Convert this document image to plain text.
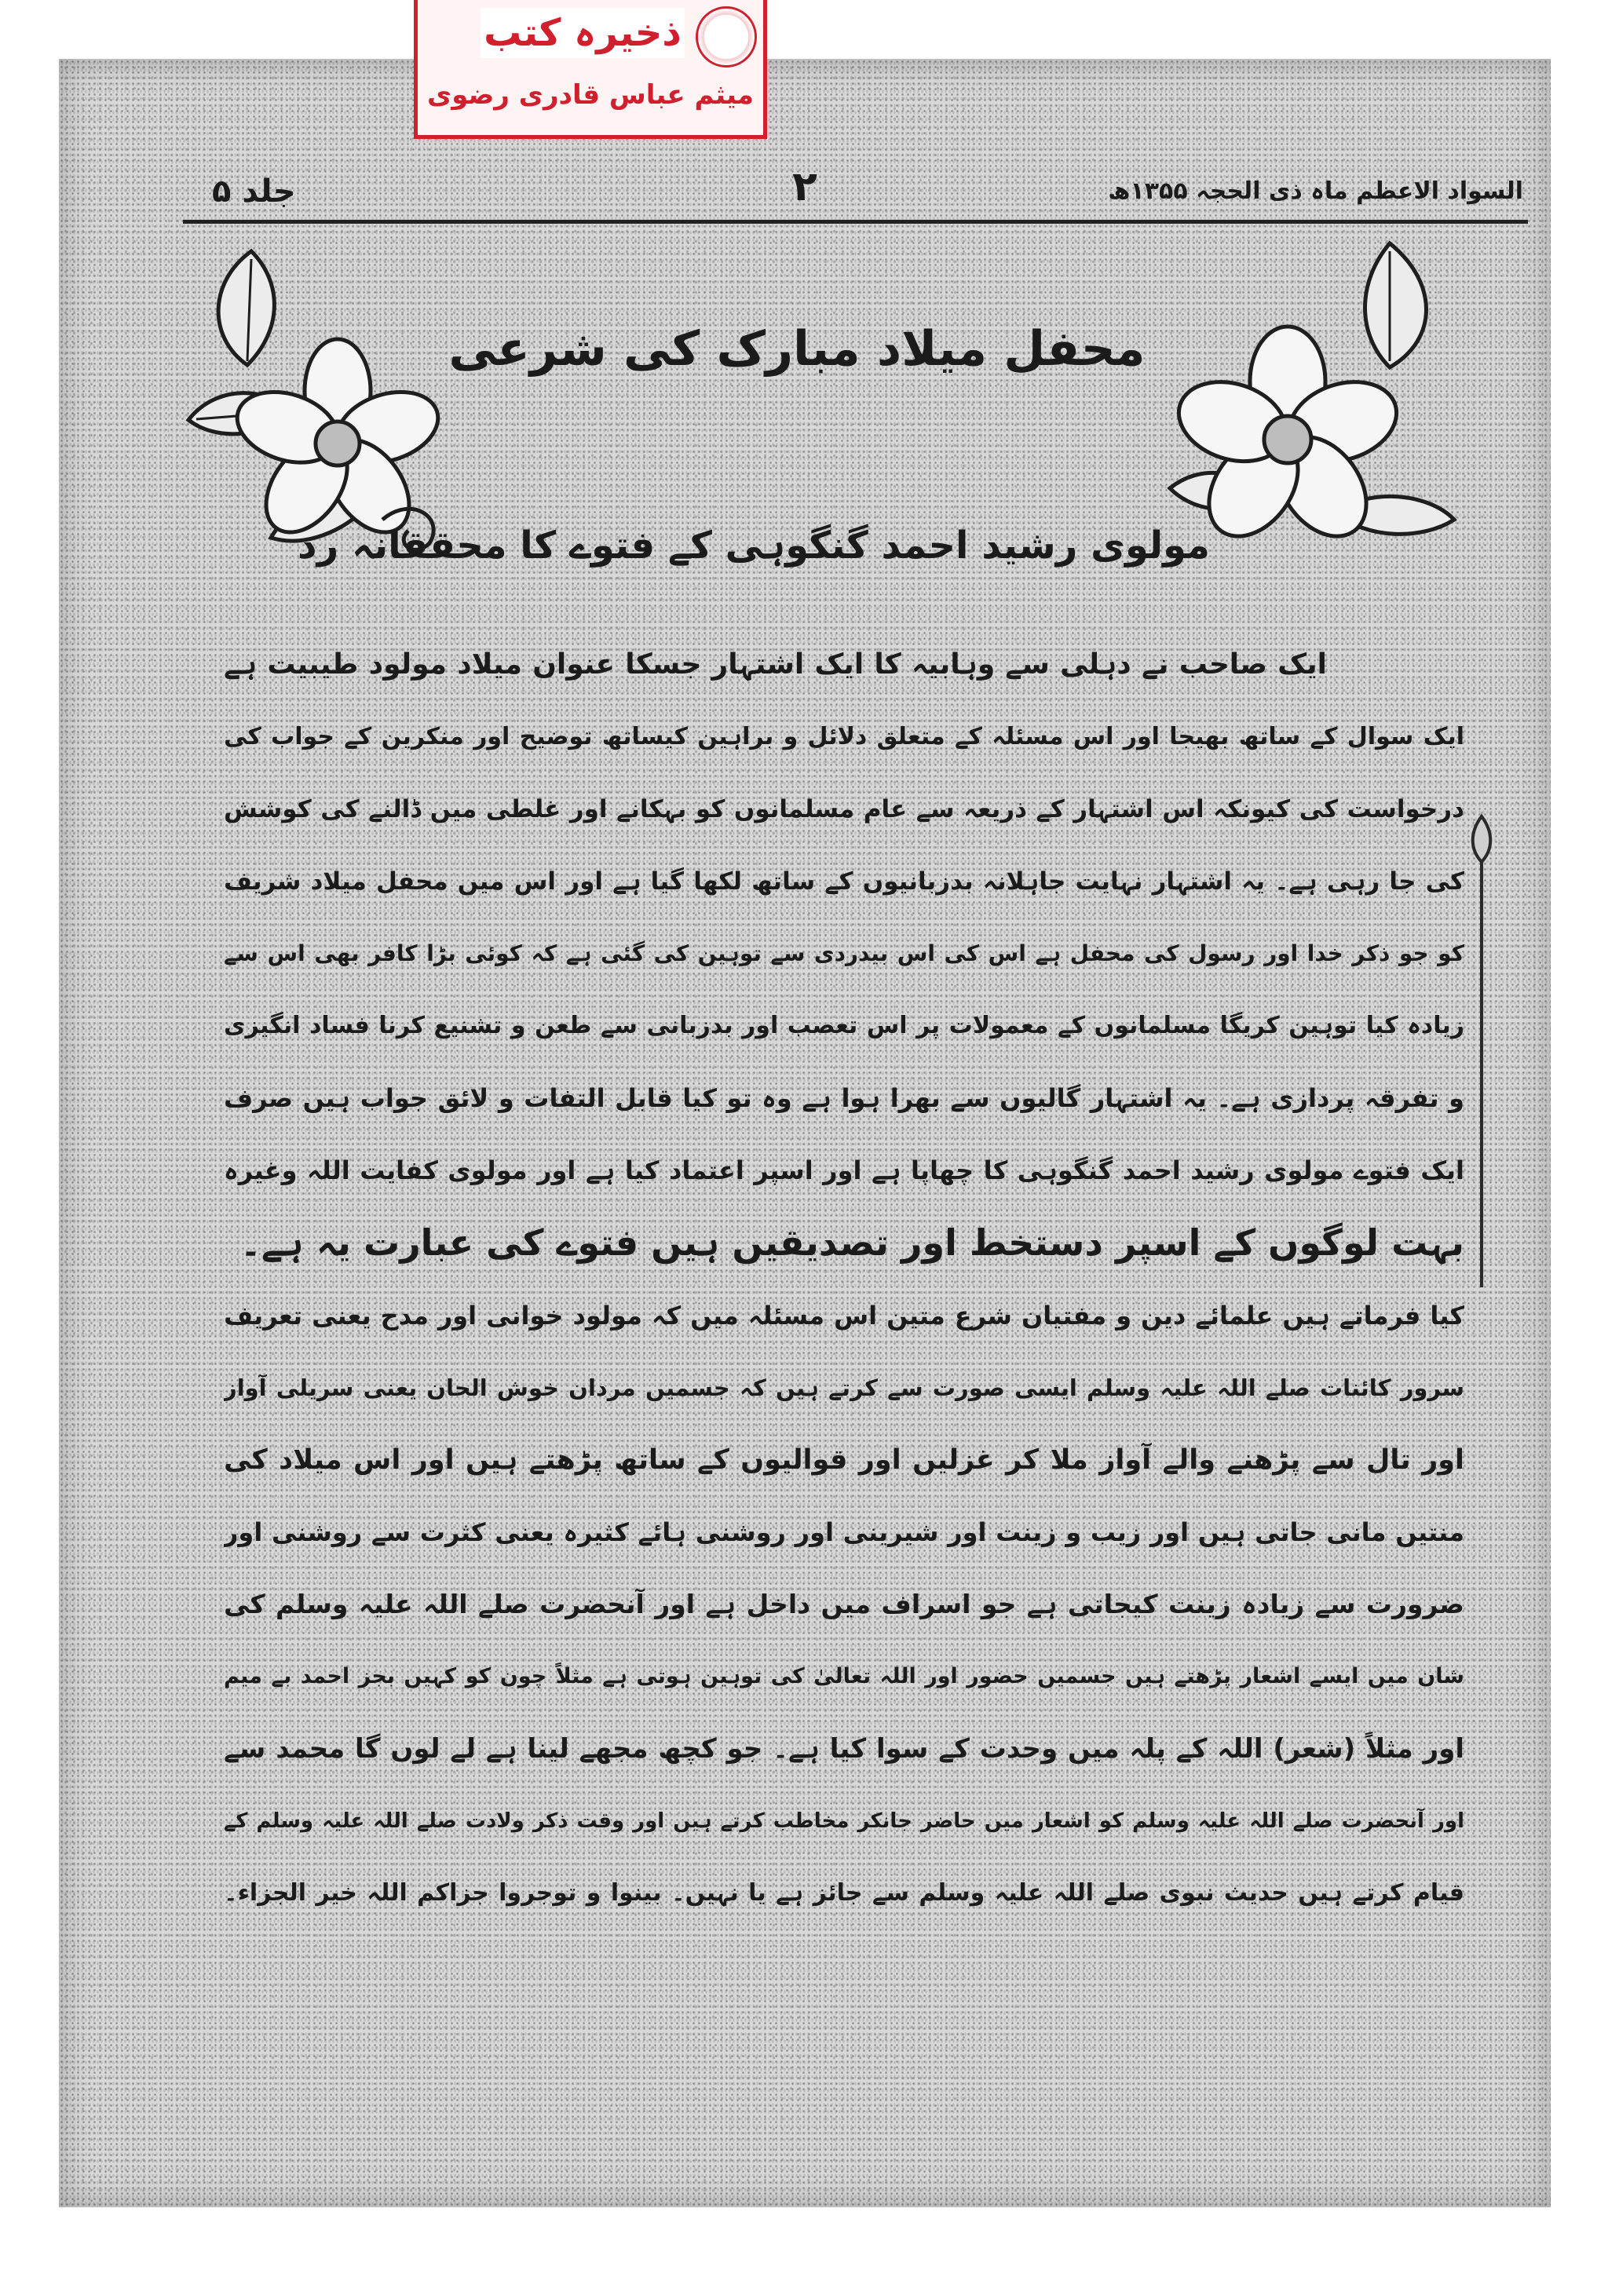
ذخیرہ کتب
میثم عباس قادری رضوی
السواد الاعظم ماہ ذی الحجہ ۱۳۵۵ھ
۲
جلد ۵
محفل میلاد مبارک کی شرعی
مولوی رشید احمد گنگوہی کے فتوے کا محققانہ رد
ایک صاحب نے دہلی سے وہابیہ کا ایک اشتہار جسکا عنوان میلاد مولود طیبیت ہے
ایک سوال کے ساتھ بھیجا اور اس مسئلہ کے متعلق دلائل و براہین کیساتھ توضیح اور منکرین کے جواب کی
درخواست کی کیونکہ اس اشتہار کے ذریعہ سے عام مسلمانوں کو بہکانے اور غلطی میں ڈالنے کی کوشش
کی جا رہی ہے۔ یہ اشتہار نہایت جاہلانہ بدزبانیوں کے ساتھ لکھا گیا ہے اور اس میں محفل میلاد شریف
کو جو ذکر خدا اور رسول کی محفل ہے اس کی اس بیدردی سے توہین کی گئی ہے کہ کوئی بڑا کافر بھی اس سے
زیادہ کیا توہین کریگا مسلمانوں کے معمولات پر اس تعصب اور بدزبانی سے طعن و تشنیع کرنا فساد انگیزی
و تفرقہ پردازی ہے۔ یہ اشتہار گالیوں سے بھرا ہوا ہے وہ تو کیا قابل التفات و لائق جواب ہیں صرف
ایک فتوے مولوی رشید احمد گنگوہی کا چھاپا ہے اور اسپر اعتماد کیا ہے اور مولوی کفایت اللہ وغیرہ
بہت لوگوں کے اسپر دستخط اور تصدیقیں ہیں فتوے کی عبارت یہ ہے۔
کیا فرماتے ہیں علمائے دین و مفتیان شرع متین اس مسئلہ میں کہ مولود خوانی اور مدح یعنی تعریف
سرور کائنات صلے اللہ علیہ وسلم ایسی صورت سے کرتے ہیں کہ جسمیں مردان خوش الحان یعنی سریلی آواز
اور تال سے پڑھنے والے آواز ملا کر غزلیں اور قوالیوں کے ساتھ پڑھتے ہیں اور اس میلاد کی
منتیں مانی جاتی ہیں اور زیب و زینت اور شیرینی اور روشنی ہائے کثیرہ یعنی کثرت سے روشنی اور
ضرورت سے زیادہ زینت کیجاتی ہے جو اسراف میں داخل ہے اور آنحضرت صلے اللہ علیہ وسلم کی
شان میں ایسے اشعار پڑھتے ہیں جسمیں حضور اور اللہ تعالیٰ کی توہین ہوتی ہے مثلاً چون کو کہیں بجز احمد بے میم
اور مثلاً (شعر) اللہ کے پلہ میں وحدت کے سوا کیا ہے۔ جو کچھ مجھے لینا ہے لے لوں گا محمد سے
اور آنحضرت صلے اللہ علیہ وسلم کو اشعار میں حاضر جانکر مخاطب کرتے ہیں اور وقت ذکر ولادت صلے اللہ علیہ وسلم کے
قیام کرتے ہیں حدیث نبوی صلے اللہ علیہ وسلم سے جائز ہے یا نہیں۔ بینوا و توجروا جزاکم اللہ خیر الجزاء۔
